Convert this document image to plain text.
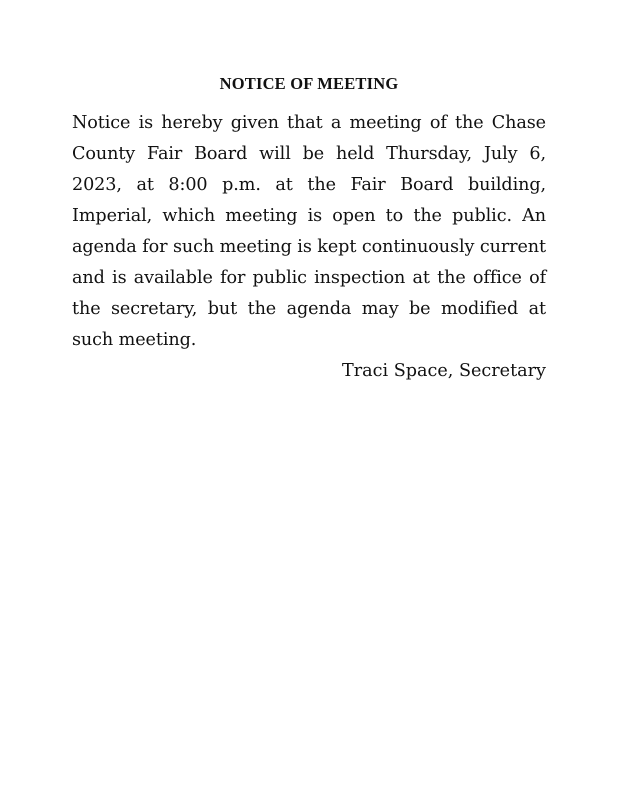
NOTICE OF MEETING

Notice is hereby given that a meeting of the Chase County Fair Board will be held Thursday, July 6, 2023, at 8:00 p.m. at the Fair Board building, Imperial, which meeting is open to the public. An agenda for such meeting is kept continuously current and is available for public inspection at the office of the secretary, but the agenda may be modified at such meeting.

Traci Space, Secretary
